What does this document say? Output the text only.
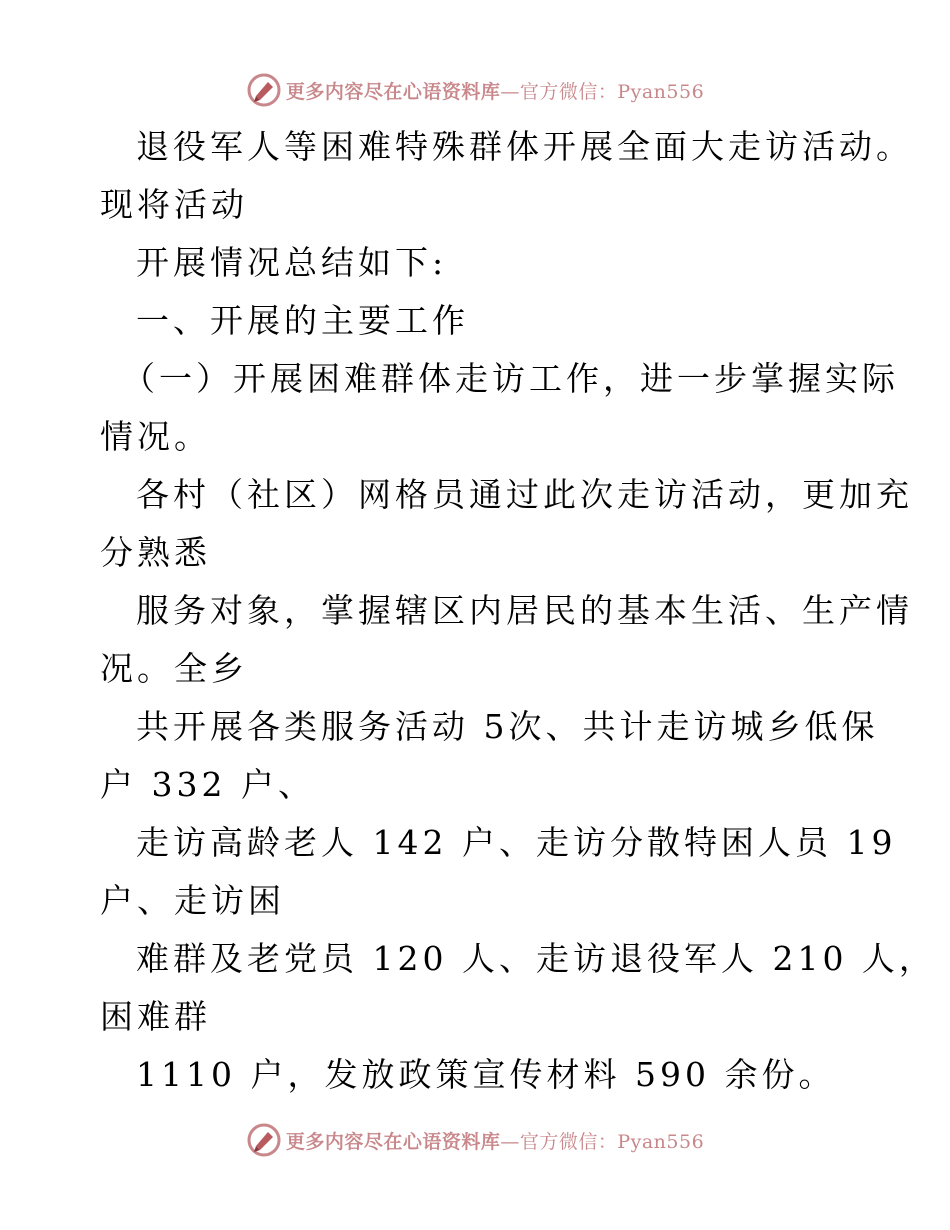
更多内容尽在心语资料库—官方微信：Pyan556
退役军人等困难特殊群体开展全面大走访活动。
现将活动
开展情况总结如下:
一、开展的主要工作
（一）开展困难群体走访工作，进一步掌握实际
情况。
各村（社区）网格员通过此次走访活动，更加充
分熟悉
服务对象，掌握辖区内居民的基本生活、生产情
况。全乡
共开展各类服务活动 5次、共计走访城乡低保
户 332 户、
走访高龄老人 142 户、走访分散特困人员 19
户、走访困
难群及老党员 120 人、走访退役军人 210 人，
困难群
1110 户，发放政策宣传材料 590 余份。
更多内容尽在心语资料库—官方微信：Pyan556
